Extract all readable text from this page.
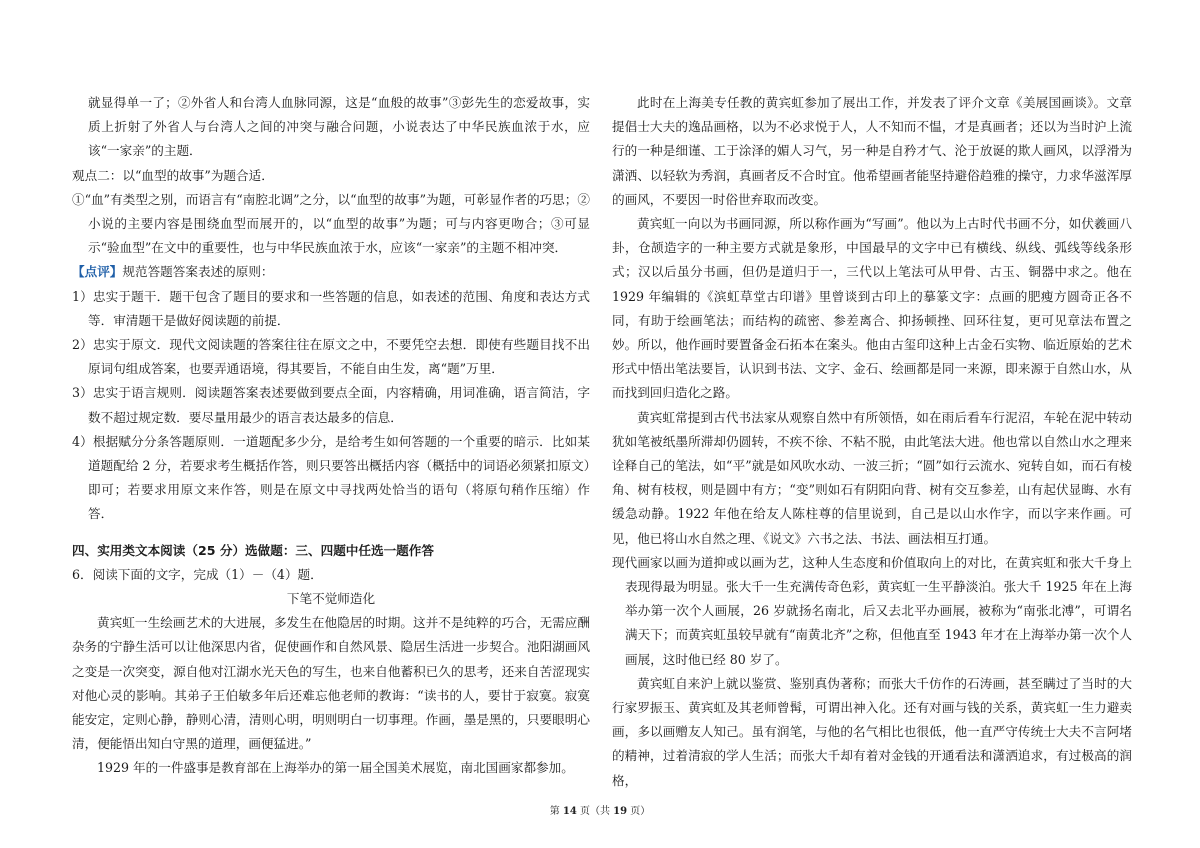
就显得单一了；②外省人和台湾人血脉同源，这是“血般的故事”③彭先生的恋爱故事，实质上折射了外省人与台湾人之间的冲突与融合问题，小说表达了中华民族血浓于水，应该“一家亲”的主题．

观点二：以“血型的故事”为题合适．

①“血”有类型之别，而语言有“南腔北调”之分，以“血型的故事”为题，可彰显作者的巧思；②小说的主要内容是围绕血型而展开的，以“血型的故事”为题；可与内容更吻合；③可显示“验血型”在文中的重要性，也与中华民族血浓于水，应该“一家亲”的主题不相冲突．

【点评】规范答题答案表述的原则：

1）忠实于题干．题干包含了题目的要求和一些答题的信息，如表述的范围、角度和表达方式等．审清题干是做好阅读题的前提．

2）忠实于原文．现代文阅读题的答案往往在原文之中，不要凭空去想．即使有些题目找不出原词句组成答案，也要弄通语境，得其要旨，不能自由生发，离“题”万里．

3）忠实于语言规则．阅读题答案表述要做到要点全面，内容精确，用词准确，语言简洁，字数不超过规定数．要尽量用最少的语言表达最多的信息．

4）根据赋分分条答题原则．一道题配多少分，是给考生如何答题的一个重要的暗示．比如某道题配给 2 分，若要求考生概括作答，则只要答出概括内容（概括中的词语必须紧扣原文）即可；若要求用原文来作答，则是在原文中寻找两处恰当的语句（将原句稍作压缩）作答．

四、实用类文本阅读（25 分）选做题：三、四题中任选一题作答

6．阅读下面的文字，完成（1）－（4）题．

下笔不觉师造化

黄宾虹一生绘画艺术的大进展，多发生在他隐居的时期。这并不是纯粹的巧合，无需应酬杂务的宁静生活可以让他深思内省，促使画作和自然风景、隐居生活进一步契合。池阳湖画风之变是一次突变，源自他对江湖水光天色的写生，也来自他蓄积已久的思考，还来自苦涩现实对他心灵的影响。其弟子王伯敏多年后还难忘他老师的教诲：“读书的人，要甘于寂寞。寂寞能安定，定则心静，静则心清，清则心明，明则明白一切事理。作画，墨是黑的，只要眼明心清，便能悟出知白守黑的道理，画便猛进。”

1929 年的一件盛事是教育部在上海举办的第一届全国美术展览，南北国画家都参加。

此时在上海美专任教的黄宾虹参加了展出工作，并发表了评介文章《美展国画谈》。文章提倡士大夫的逸品画格，以为不必求悦于人，人不知而不愠，才是真画者；还以为当时沪上流行的一种是细谨、工于涂泽的媚人习气，另一种是自矜才气、沦于放诞的欺人画风，以浮滑为潇洒、以轻软为秀润，真画者反不合时宜。他希望画者能坚持避俗趋雅的操守，力求华滋浑厚的画风，不要因一时俗世弃取而改变。

黄宾虹一向以为书画同源，所以称作画为“写画”。他以为上古时代书画不分，如伏羲画八卦，仓颉造字的一种主要方式就是象形，中国最早的文字中已有横线、纵线、弧线等线条形式；汉以后虽分书画，但仍是道归于一，三代以上笔法可从甲骨、古玉、铜器中求之。他在 1929 年编辑的《滨虹草堂古印谱》里曾谈到古印上的摹篆文字：点画的肥瘦方圆奇正各不同，有助于绘画笔法；而结构的疏密、参差离合、抑扬顿挫、回环往复，更可见章法布置之妙。所以，他作画时要置备金石拓本在案头。他由古玺印这种上古金石实物、临近原始的艺术形式中悟出笔法要旨，认识到书法、文字、金石、绘画都是同一来源，即来源于自然山水，从而找到回归造化之路。

黄宾虹常提到古代书法家从观察自然中有所领悟，如在雨后看车行泥沼，车轮在泥中转动犹如笔被纸墨所滞却仍圆转，不疾不徐、不粘不脱，由此笔法大进。他也常以自然山水之理来诠释自己的笔法，如“平”就是如风吹水动、一波三折；“圆”如行云流水、宛转自如，而石有棱角、树有枝杈，则是圆中有方；“变”则如石有阴阳向背、树有交互参差，山有起伏显晦、水有缓急动静。1922 年他在给友人陈柱尊的信里说到，自己是以山水作字，而以字来作画。可见，他已将山水自然之理、《说文》六书之法、书法、画法相互打通。

现代画家以画为道抑或以画为艺，这种人生态度和价值取向上的对比，在黄宾虹和张大千身上表现得最为明显。张大千一生充满传奇色彩，黄宾虹一生平静淡泊。张大千 1925 年在上海举办第一次个人画展，26 岁就扬名南北，后又去北平办画展，被称为“南张北溥”，可谓名满天下；而黄宾虹虽较早就有“南黄北齐”之称，但他直至 1943 年才在上海举办第一次个人画展，这时他已经 80 岁了。

黄宾虹自来沪上就以鉴赏、鉴别真伪著称；而张大千仿作的石涛画，甚至瞒过了当时的大行家罗振玉、黄宾虹及其老师曾髯，可谓出神入化。还有对画与钱的关系，黄宾虹一生力避卖画，多以画赠友人知己。虽有润笔，与他的名气相比也很低，他一直严守传统士大夫不言阿堵的精神，过着清寂的学人生活；而张大千却有着对金钱的开通看法和潇洒追求，有过极高的润格，

第 14 页（共 19 页）
